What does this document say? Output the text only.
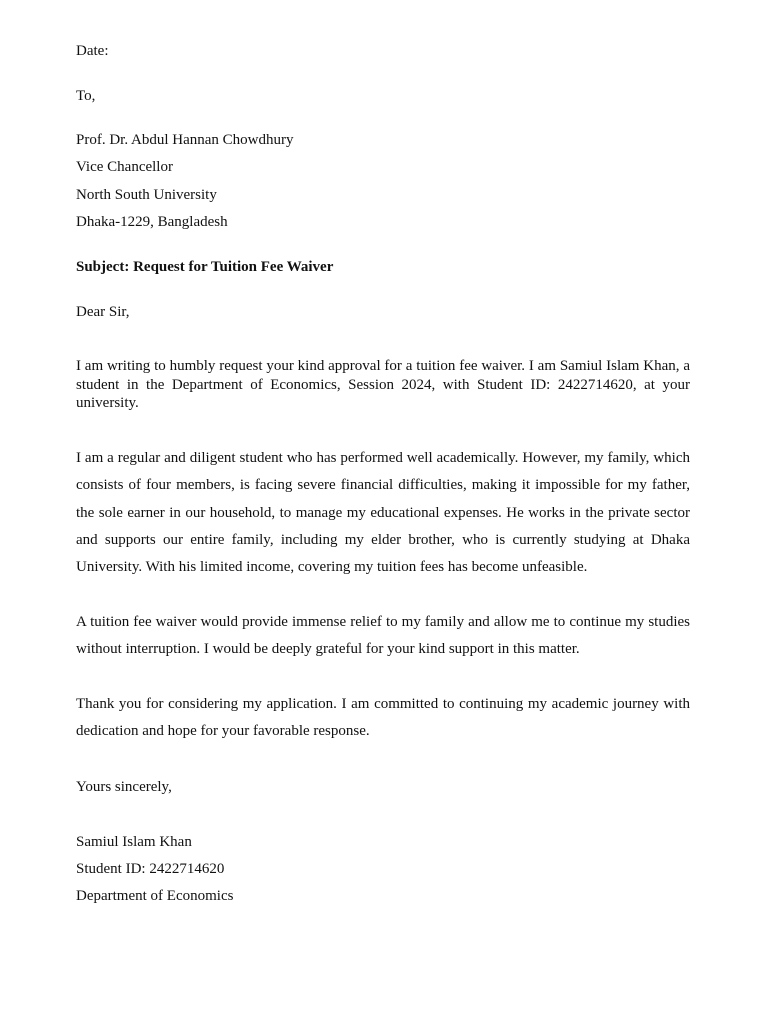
Date:
To,
Prof. Dr. Abdul Hannan Chowdhury
Vice Chancellor
North South University
Dhaka-1229, Bangladesh
Subject: Request for Tuition Fee Waiver
Dear Sir,
I am writing to humbly request your kind approval for a tuition fee waiver. I am Samiul Islam Khan, a student in the Department of Economics, Session 2024, with Student ID: 2422714620, at your university.
I am a regular and diligent student who has performed well academically. However, my family, which consists of four members, is facing severe financial difficulties, making it impossible for my father, the sole earner in our household, to manage my educational expenses. He works in the private sector and supports our entire family, including my elder brother, who is currently studying at Dhaka University. With his limited income, covering my tuition fees has become unfeasible.
A tuition fee waiver would provide immense relief to my family and allow me to continue my studies without interruption. I would be deeply grateful for your kind support in this matter.
Thank you for considering my application. I am committed to continuing my academic journey with dedication and hope for your favorable response.
Yours sincerely,
Samiul Islam Khan
Student ID: 2422714620
Department of Economics
